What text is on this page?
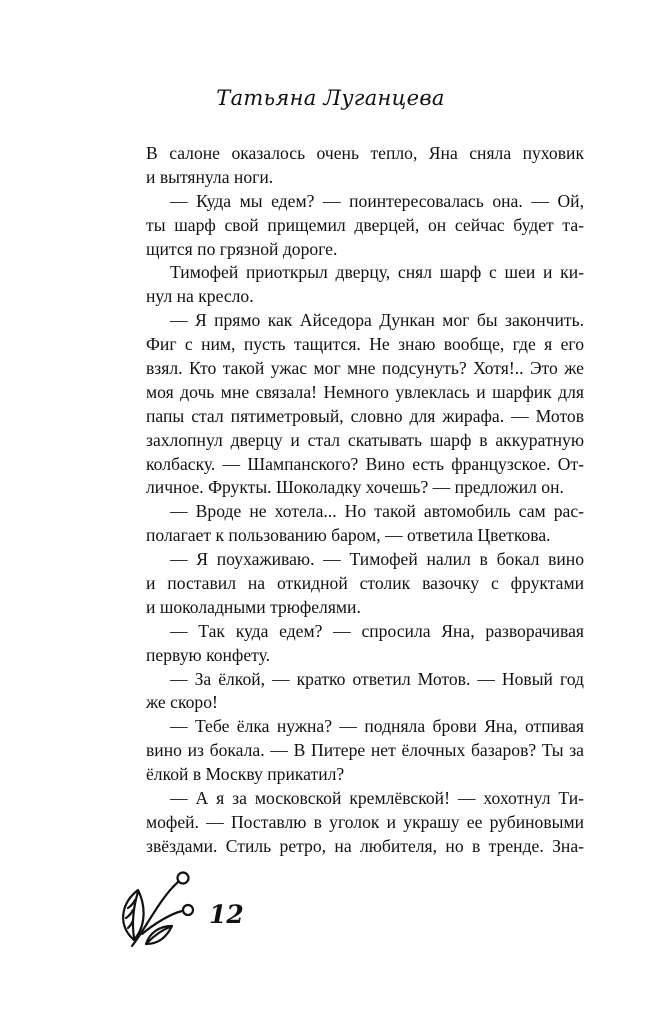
Татьяна Луганцева
В салоне оказалось очень тепло, Яна сняла пуховик
и вытянула ноги.
— Куда мы едем? — поинтересовалась она. — Ой,
ты шарф свой прищемил дверцей, он сейчас будет та-
щится по грязной дороге.
Тимофей приоткрыл дверцу, снял шарф с шеи и ки-
нул на кресло.
— Я прямо как Айседора Дункан мог бы закончить.
Фиг с ним, пусть тащится. Не знаю вообще, где я его
взял. Кто такой ужас мог мне подсунуть? Хотя!.. Это же
моя дочь мне связала! Немного увлеклась и шарфик для
папы стал пятиметровый, словно для жирафа. — Мотов
захлопнул дверцу и стал скатывать шарф в аккуратную
колбаску. — Шампанского? Вино есть французское. От-
личное. Фрукты. Шоколадку хочешь? — предложил он.
— Вроде не хотела... Но такой автомобиль сам рас-
полагает к пользованию баром, — ответила Цветкова.
— Я поухаживаю. — Тимофей налил в бокал вино
и поставил на откидной столик вазочку с фруктами
и шоколадными трюфелями.
— Так куда едем? — спросила Яна, разворачивая
первую конфету.
— За ёлкой, — кратко ответил Мотов. — Новый год
же скоро!
— Тебе ёлка нужна? — подняла брови Яна, отпивая
вино из бокала. — В Питере нет ёлочных базаров? Ты за
ёлкой в Москву прикатил?
— А я за московской кремлёвской! — хохотнул Ти-
мофей. — Поставлю в уголок и украшу ее рубиновыми
звёздами. Стиль ретро, на любителя, но в тренде. Зна-
12
